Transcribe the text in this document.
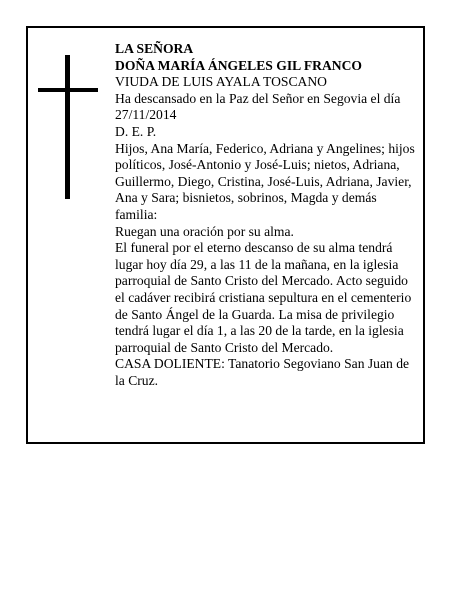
LA SEÑORA

DOÑA MARÍA ÁNGELES GIL FRANCO

VIUDA DE LUIS AYALA TOSCANO

Ha descansado en la Paz del Señor en Segovia el día 27/11/2014

D. E. P.

Hijos, Ana María, Federico, Adriana y Angelines; hijos políticos, José-Antonio y José-Luis; nietos, Adriana, Guillermo, Diego, Cristina, José-Luis, Adriana, Javier, Ana y Sara; bisnietos, sobrinos, Magda y demás familia:

Ruegan una oración por su alma.

El funeral por el eterno descanso de su alma tendrá lugar hoy día 29, a las 11 de la mañana, en la iglesia parroquial de Santo Cristo del Mercado. Acto seguido el cadáver recibirá cristiana sepultura en el cementerio de Santo Ángel de la Guarda. La misa de privilegio tendrá lugar el día 1, a las 20 de la tarde, en la iglesia parroquial de Santo Cristo del Mercado.

CASA DOLIENTE: Tanatorio Segoviano San Juan de la Cruz.
